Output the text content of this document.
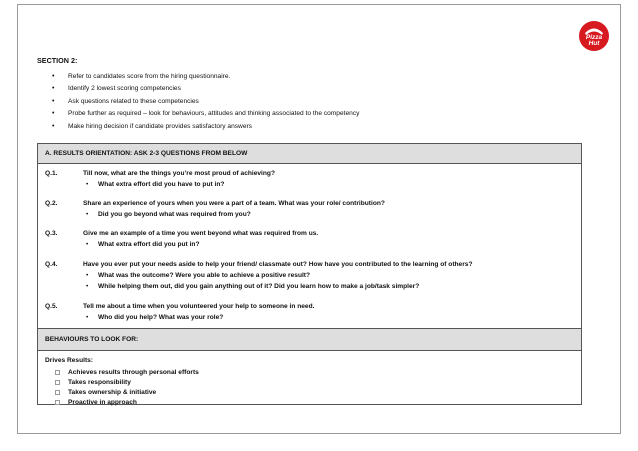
Pizza
Hut
SECTION 2:
• Refer to candidates score from the hiring questionnaire.
• Identify 2 lowest scoring competencies
• Ask questions related to these competencies
• Probe further as required – look for behaviours, attitudes and thinking associated to the competency
• Make hiring decision if candidate provides satisfactory answers
A. RESULTS ORIENTATION: ASK 2-3 QUESTIONS FROM BELOW
Q.1.	Till now, what are the things you’re most proud of achieving?
• What extra effort did you have to put in?
Q.2.	Share an experience of yours when you were a part of a team. What was your role/ contribution?
• Did you go beyond what was required from you?
Q.3.	Give me an example of a time you went beyond what was required from us.
• What extra effort did you put in?
Q.4.	Have you ever put your needs aside to help your friend/ classmate out? How have you contributed to the learning of others?
• What was the outcome? Were you able to achieve a positive result?
• While helping them out, did you gain anything out of it? Did you learn how to make a job/task simpler?
Q.5.	Tell me about a time when you volunteered your help to someone in need.
• Who did you help? What was your role?
BEHAVIOURS TO LOOK FOR:
Drives Results:
Achieves results through personal efforts
Takes responsibility
Takes ownership & initiative
Proactive in approach
